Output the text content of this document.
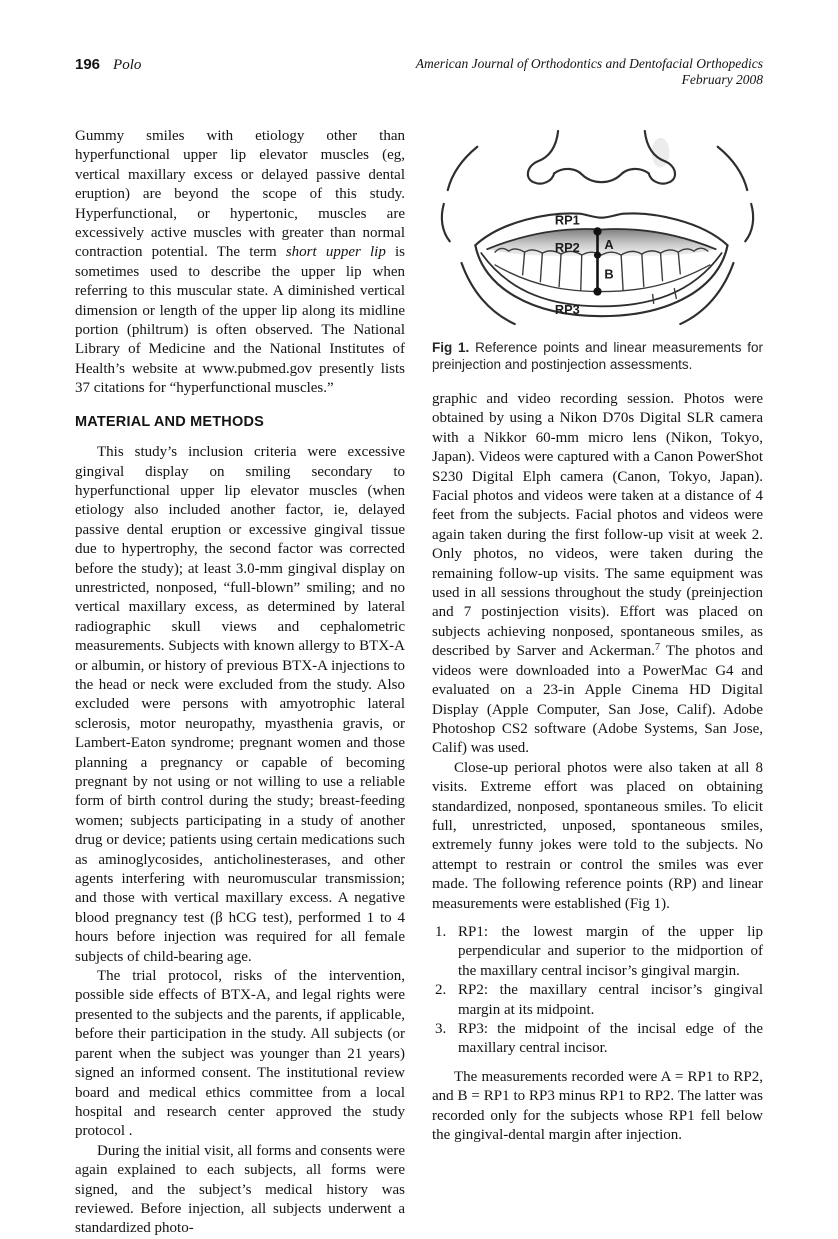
196 Polo	American Journal of Orthodontics and Dentofacial Orthopedics
February 2008

Gummy smiles with etiology other than hyperfunctional upper lip elevator muscles (eg, vertical maxillary excess or delayed passive dental eruption) are beyond the scope of this study. Hyperfunctional, or hypertonic, muscles are excessively active muscles with greater than normal contraction potential. The term short upper lip is sometimes used to describe the upper lip when referring to this muscular state. A diminished vertical dimension or length of the upper lip along its midline portion (philtrum) is often observed. The National Library of Medicine and the National Institutes of Health’s website at www.pubmed.gov presently lists 37 citations for “hyperfunctional muscles.”

MATERIAL AND METHODS

This study’s inclusion criteria were excessive gingival display on smiling secondary to hyperfunctional upper lip elevator muscles (when etiology also included another factor, ie, delayed passive dental eruption or excessive gingival tissue due to hypertrophy, the second factor was corrected before the study); at least 3.0-mm gingival display on unrestricted, nonposed, “full-blown” smiling; and no vertical maxillary excess, as determined by lateral radiographic skull views and cephalometric measurements. Subjects with known allergy to BTX-A or albumin, or history of previous BTX-A injections to the head or neck were excluded from the study. Also excluded were persons with amyotrophic lateral sclerosis, motor neuropathy, myasthenia gravis, or Lambert-Eaton syndrome; pregnant women and those planning a pregnancy or capable of becoming pregnant by not using or not willing to use a reliable form of birth control during the study; breast-feeding women; subjects participating in a study of another drug or device; patients using certain medications such as aminoglycosides, anticholinesterases, and other agents interfering with neuromuscular transmission; and those with vertical maxillary excess. A negative blood pregnancy test (β hCG test), performed 1 to 4 hours before injection was required for all female subjects of child-bearing age.

The trial protocol, risks of the intervention, possible side effects of BTX-A, and legal rights were presented to the subjects and the parents, if applicable, before their participation in the study. All subjects (or parent when the subject was younger than 21 years) signed an informed consent. The institutional review board and medical ethics committee from a local hospital and research center approved the study protocol .

During the initial visit, all forms and consents were again explained to each subjects, all forms were signed, and the subject’s medical history was reviewed. Before injection, all subjects underwent a standardized photo-

RP1
RP2 A
B
RP3

Fig 1. Reference points and linear measurements for preinjection and postinjection assessments.

graphic and video recording session. Photos were obtained by using a Nikon D70s Digital SLR camera with a Nikkor 60-mm micro lens (Nikon, Tokyo, Japan). Videos were captured with a Canon PowerShot S230 Digital Elph camera (Canon, Tokyo, Japan). Facial photos and videos were taken at a distance of 4 feet from the subjects. Facial photos and videos were again taken during the first follow-up visit at week 2. Only photos, no videos, were taken during the remaining follow-up visits. The same equipment was used in all sessions throughout the study (preinjection and 7 postinjection visits). Effort was placed on subjects achieving nonposed, spontaneous smiles, as described by Sarver and Ackerman.$^7$ The photos and videos were downloaded into a PowerMac G4 and evaluated on a 23-in Apple Cinema HD Digital Display (Apple Computer, San Jose, Calif). Adobe Photoshop CS2 software (Adobe Systems, San Jose, Calif) was used.

Close-up perioral photos were also taken at all 8 visits. Extreme effort was placed on obtaining standardized, nonposed, spontaneous smiles. To elicit full, unrestricted, unposed, spontaneous smiles, extremely funny jokes were told to the subjects. No attempt to restrain or control the smiles was ever made. The following reference points (RP) and linear measurements were established (Fig 1).

1. RP1: the lowest margin of the upper lip perpendicular and superior to the midportion of the maxillary central incisor’s gingival margin.
2. RP2: the maxillary central incisor’s gingival margin at its midpoint.
3. RP3: the midpoint of the incisal edge of the maxillary central incisor.

The measurements recorded were A = RP1 to RP2, and B = RP1 to RP3 minus RP1 to RP2. The latter was recorded only for the subjects whose RP1 fell below the gingival-dental margin after injection.
